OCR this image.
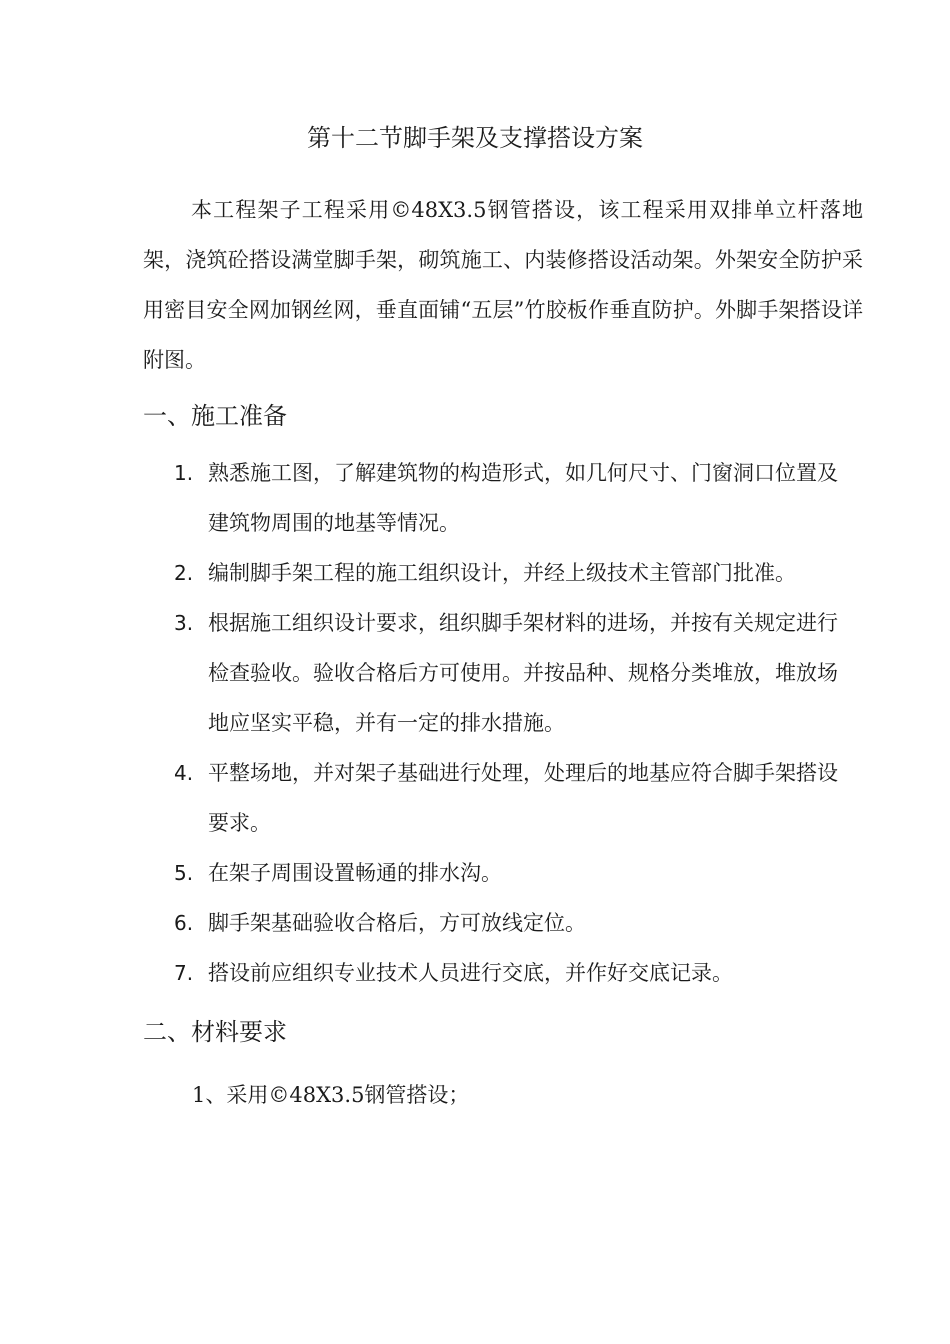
第十二节脚手架及支撑搭设方案

本工程架子工程采用©48X3.5钢管搭设，该工程采用双排单立杆落地架，浇筑砼搭设满堂脚手架，砌筑施工、内装修搭设活动架。外架安全防护采用密目安全网加钢丝网，垂直面铺“五层”竹胶板作垂直防护。外脚手架搭设详附图。

一、施工准备
1. 熟悉施工图，了解建筑物的构造形式，如几何尺寸、门窗洞口位置及建筑物周围的地基等情况。
2. 编制脚手架工程的施工组织设计，并经上级技术主管部门批准。
3. 根据施工组织设计要求，组织脚手架材料的进场，并按有关规定进行检查验收。验收合格后方可使用。并按品种、规格分类堆放，堆放场地应坚实平稳，并有一定的排水措施。
4. 平整场地，并对架子基础进行处理，处理后的地基应符合脚手架搭设要求。
5. 在架子周围设置畅通的排水沟。
6. 脚手架基础验收合格后，方可放线定位。
7. 搭设前应组织专业技术人员进行交底，并作好交底记录。
二、材料要求

1、采用©48X3.5钢管搭设；
